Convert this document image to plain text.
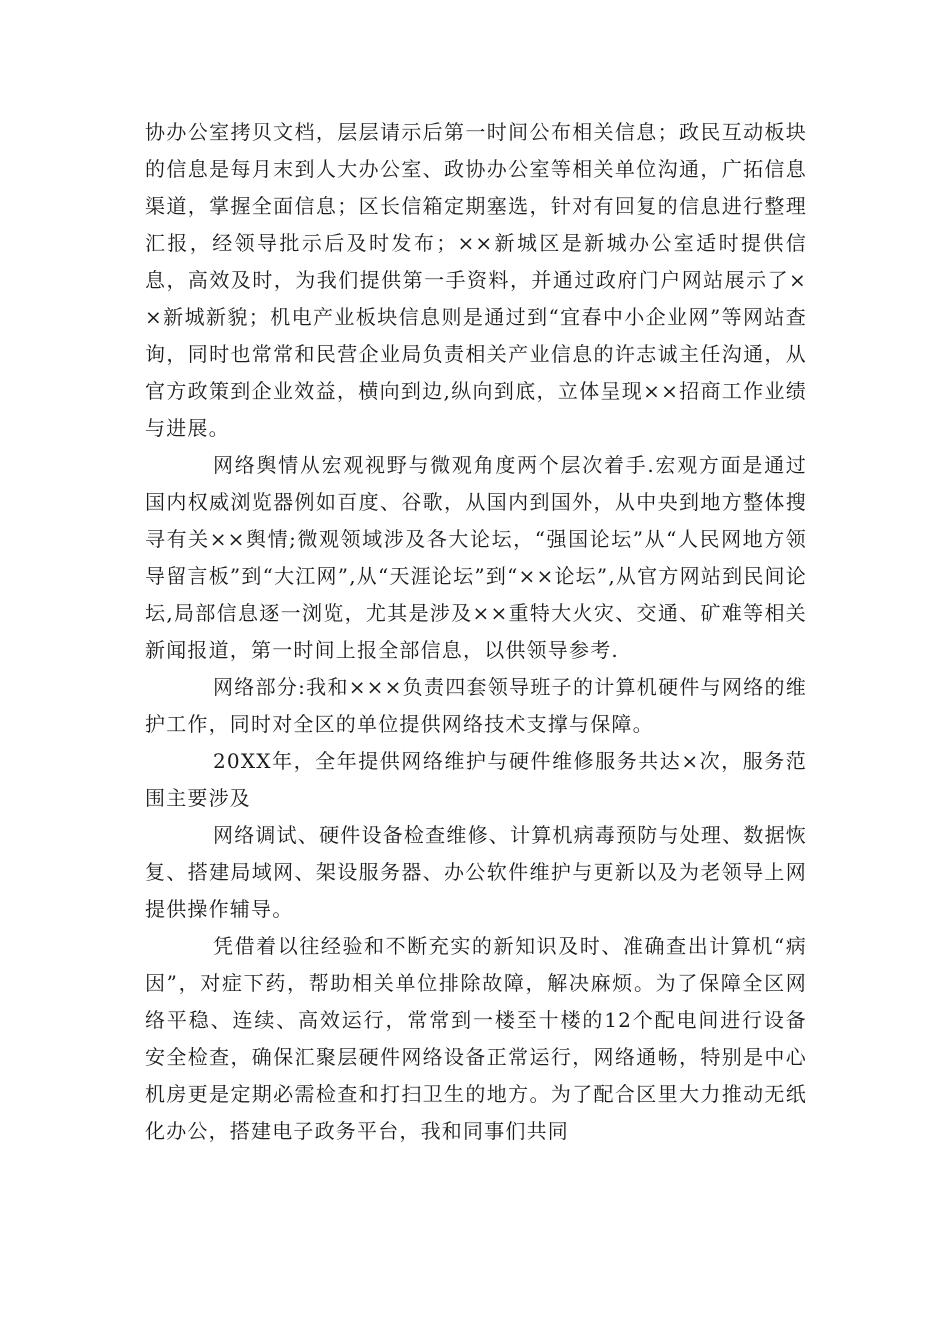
协办公室拷贝文档，层层请示后第一时间公布相关信息；政民互动板块的信息是每月末到人大办公室、政协办公室等相关单位沟通，广拓信息渠道，掌握全面信息；区长信箱定期塞选，针对有回复的信息进行整理汇报，经领导批示后及时发布；××新城区是新城办公室适时提供信息，高效及时，为我们提供第一手资料，并通过政府门户网站展示了××新城新貌；机电产业板块信息则是通过到“宜春中小企业网”等网站查询，同时也常常和民营企业局负责相关产业信息的许志诚主任沟通，从官方政策到企业效益，横向到边,纵向到底，立体呈现××招商工作业绩与进展。

网络舆情从宏观视野与微观角度两个层次着手.宏观方面是通过国内权威浏览器例如百度、谷歌，从国内到国外，从中央到地方整体搜寻有关××舆情;微观领域涉及各大论坛，“强国论坛”从“人民网地方领导留言板”到“大江网”,从“天涯论坛”到“××论坛”,从官方网站到民间论坛,局部信息逐一浏览，尤其是涉及××重特大火灾、交通、矿难等相关新闻报道，第一时间上报全部信息，以供领导参考.

网络部分:我和×××负责四套领导班子的计算机硬件与网络的维护工作，同时对全区的单位提供网络技术支撑与保障。

20XX年，全年提供网络维护与硬件维修服务共达×次，服务范围主要涉及

网络调试、硬件设备检查维修、计算机病毒预防与处理、数据恢复、搭建局域网、架设服务器、办公软件维护与更新以及为老领导上网提供操作辅导。

凭借着以往经验和不断充实的新知识及时、准确查出计算机“病因”，对症下药，帮助相关单位排除故障，解决麻烦。为了保障全区网络平稳、连续、高效运行，常常到一楼至十楼的12个配电间进行设备安全检查，确保汇聚层硬件网络设备正常运行，网络通畅，特别是中心机房更是定期必需检查和打扫卫生的地方。为了配合区里大力推动无纸化办公，搭建电子政务平台，我和同事们共同
